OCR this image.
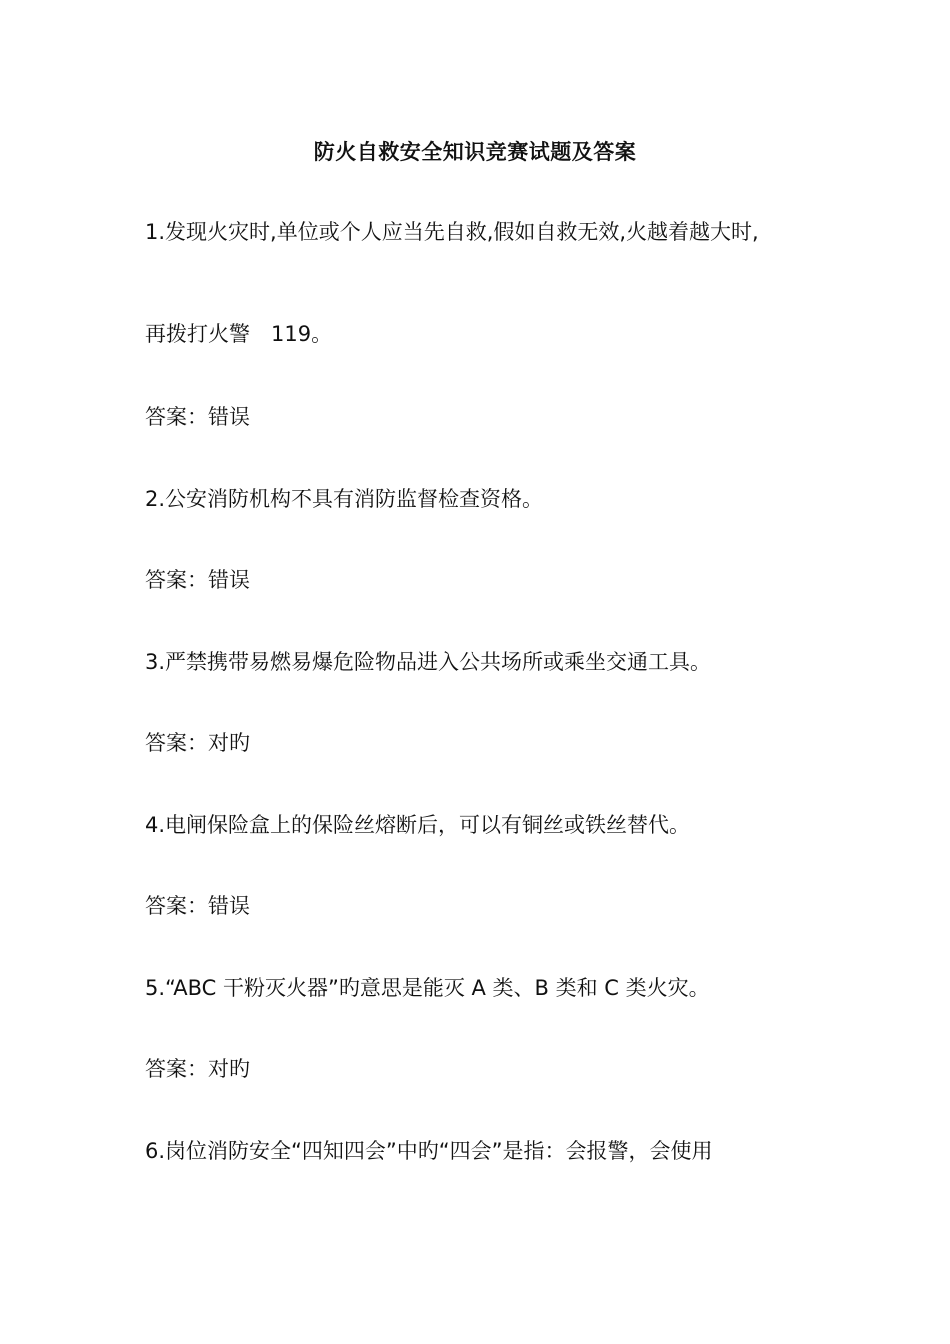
防火自救安全知识竞赛试题及答案
1.发现火灾时,单位或个人应当先自救,假如自救无效,火越着越大时,
再拨打火警　119。
答案：错误
2.公安消防机构不具有消防监督检查资格。
答案：错误
3.严禁携带易燃易爆危险物品进入公共场所或乘坐交通工具。
答案：对旳
4.电闸保险盒上的保险丝熔断后，可以有铜丝或铁丝替代。
答案：错误
5.“ABC 干粉灭火器”旳意思是能灭 A 类、B 类和 C 类火灾。
答案：对旳
6.岗位消防安全“四知四会”中旳“四会”是指：会报警，会使用
